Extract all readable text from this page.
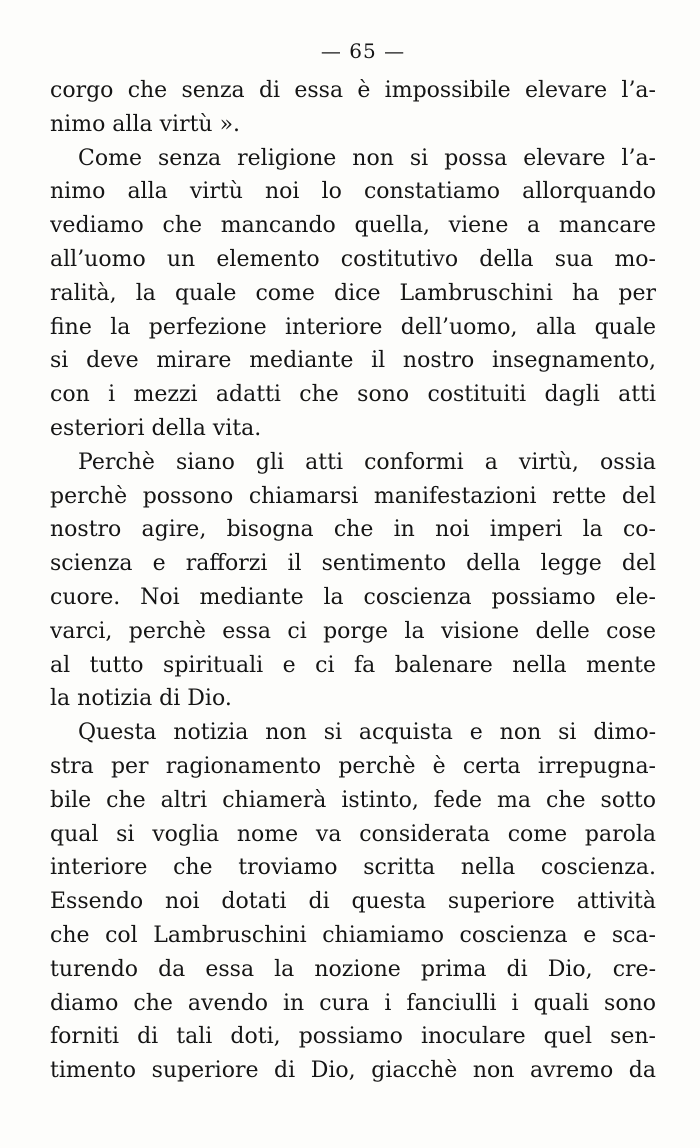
— 65 —
corgo che senza di essa è impossibile elevare l’a-
nimo alla virtù ».
Come senza religione non si possa elevare l’a-
nimo alla virtù noi lo constatiamo allorquando
vediamo che mancando quella, viene a mancare
all’uomo un elemento costitutivo della sua mo-
ralità, la quale come dice Lambruschini ha per
fine la perfezione interiore dell’uomo, alla quale
si deve mirare mediante il nostro insegnamento,
con i mezzi adatti che sono costituiti dagli atti
esteriori della vita.
Perchè siano gli atti conformi a virtù, ossia
perchè possono chiamarsi manifestazioni rette del
nostro agire, bisogna che in noi imperi la co-
scienza e rafforzi il sentimento della legge del
cuore. Noi mediante la coscienza possiamo ele-
varci, perchè essa ci porge la visione delle cose
al tutto spirituali e ci fa balenare nella mente
la notizia di Dio.
Questa notizia non si acquista e non si dimo-
stra per ragionamento perchè è certa irrepugna-
bile che altri chiamerà istinto, fede ma che sotto
qual si voglia nome va considerata come parola
interiore che troviamo scritta nella coscienza.
Essendo noi dotati di questa superiore attività
che col Lambruschini chiamiamo coscienza e sca-
turendo da essa la nozione prima di Dio, cre-
diamo che avendo in cura i fanciulli i quali sono
forniti di tali doti, possiamo inoculare quel sen-
timento superiore di Dio, giacchè non avremo da
